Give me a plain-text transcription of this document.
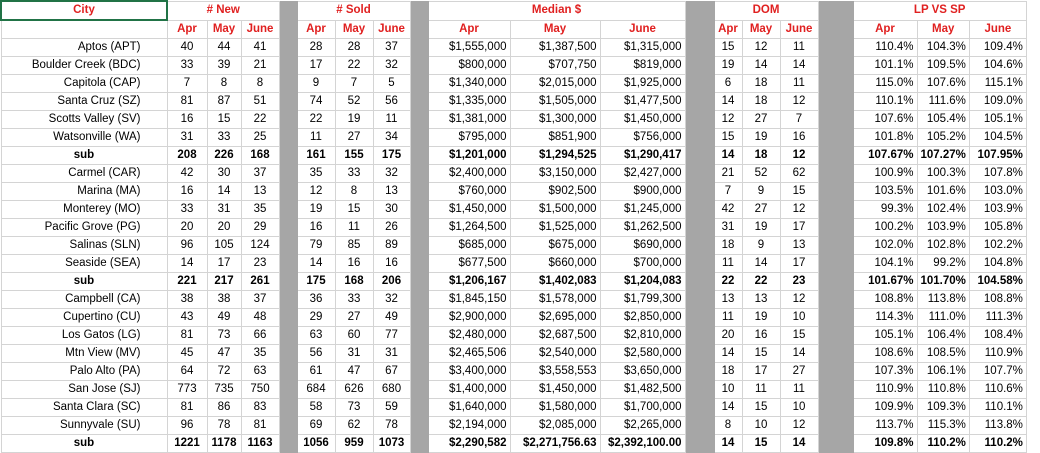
City	# New				# Sold				Median $				DOM				LP VS SP		
	Apr	May	June		Apr	May	June		Apr	May	June		Apr	May	June		Apr	May	June
Aptos (APT)	40	44	41		28	28	37		$1,555,000	$1,387,500	$1,315,000		15	12	11		110.4%	104.3%	109.4%
Boulder Creek (BDC)	33	39	21		17	22	32		$800,000	$707,750	$819,000		19	14	14		101.1%	109.5%	104.6%
Capitola (CAP)	7	8	8		9	7	5		$1,340,000	$2,015,000	$1,925,000		6	18	11		115.0%	107.6%	115.1%
Santa Cruz (SZ)	81	87	51		74	52	56		$1,335,000	$1,505,000	$1,477,500		14	18	12		110.1%	111.6%	109.0%
Scotts Valley (SV)	16	15	22		22	19	11		$1,381,000	$1,300,000	$1,450,000		12	27	7		107.6%	105.4%	105.1%
Watsonville (WA)	31	33	25		11	27	34		$795,000	$851,900	$756,000		15	19	16		101.8%	105.2%	104.5%
sub	208	226	168		161	155	175		$1,201,000	$1,294,525	$1,290,417		14	18	12		107.67%	107.27%	107.95%
Carmel (CAR)	42	30	37		35	33	32		$2,400,000	$3,150,000	$2,427,000		21	52	62		100.9%	100.3%	107.8%
Marina (MA)	16	14	13		12	8	13		$760,000	$902,500	$900,000		7	9	15		103.5%	101.6%	103.0%
Monterey (MO)	33	31	35		19	15	30		$1,450,000	$1,500,000	$1,245,000		42	27	12		99.3%	102.4%	103.9%
Pacific Grove (PG)	20	20	29		16	11	26		$1,264,500	$1,525,000	$1,262,500		31	19	17		100.2%	103.9%	105.8%
Salinas (SLN)	96	105	124		79	85	89		$685,000	$675,000	$690,000		18	9	13		102.0%	102.8%	102.2%
Seaside (SEA)	14	17	23		14	16	16		$677,500	$660,000	$700,000		11	14	17		104.1%	99.2%	104.8%
sub	221	217	261		175	168	206		$1,206,167	$1,402,083	$1,204,083		22	22	23		101.67%	101.70%	104.58%
Campbell (CA)	38	38	37		36	33	32		$1,845,150	$1,578,000	$1,799,300		13	13	12		108.8%	113.8%	108.8%
Cupertino (CU)	43	49	48		29	27	49		$2,900,000	$2,695,000	$2,850,000		11	19	10		114.3%	111.0%	111.3%
Los Gatos (LG)	81	73	66		63	60	77		$2,480,000	$2,687,500	$2,810,000		20	16	15		105.1%	106.4%	108.4%
Mtn View (MV)	45	47	35		56	31	31		$2,465,506	$2,540,000	$2,580,000		14	15	14		108.6%	108.5%	110.9%
Palo Alto (PA)	64	72	63		61	47	67		$3,400,000	$3,558,553	$3,650,000		18	17	27		107.3%	106.1%	107.7%
San Jose (SJ)	773	735	750		684	626	680		$1,400,000	$1,450,000	$1,482,500		10	11	11		110.9%	110.8%	110.6%
Santa Clara (SC)	81	86	83		58	73	59		$1,640,000	$1,580,000	$1,700,000		14	15	10		109.9%	109.3%	110.1%
Sunnyvale (SU)	96	78	81		69	62	78		$2,194,000	$2,085,000	$2,265,000		8	10	12		113.7%	115.3%	113.8%
sub	1221	1178	1163		1056	959	1073		$2,290,582	$2,271,756.63	$2,392,100.00		14	15	14		109.8%	110.2%	110.2%
